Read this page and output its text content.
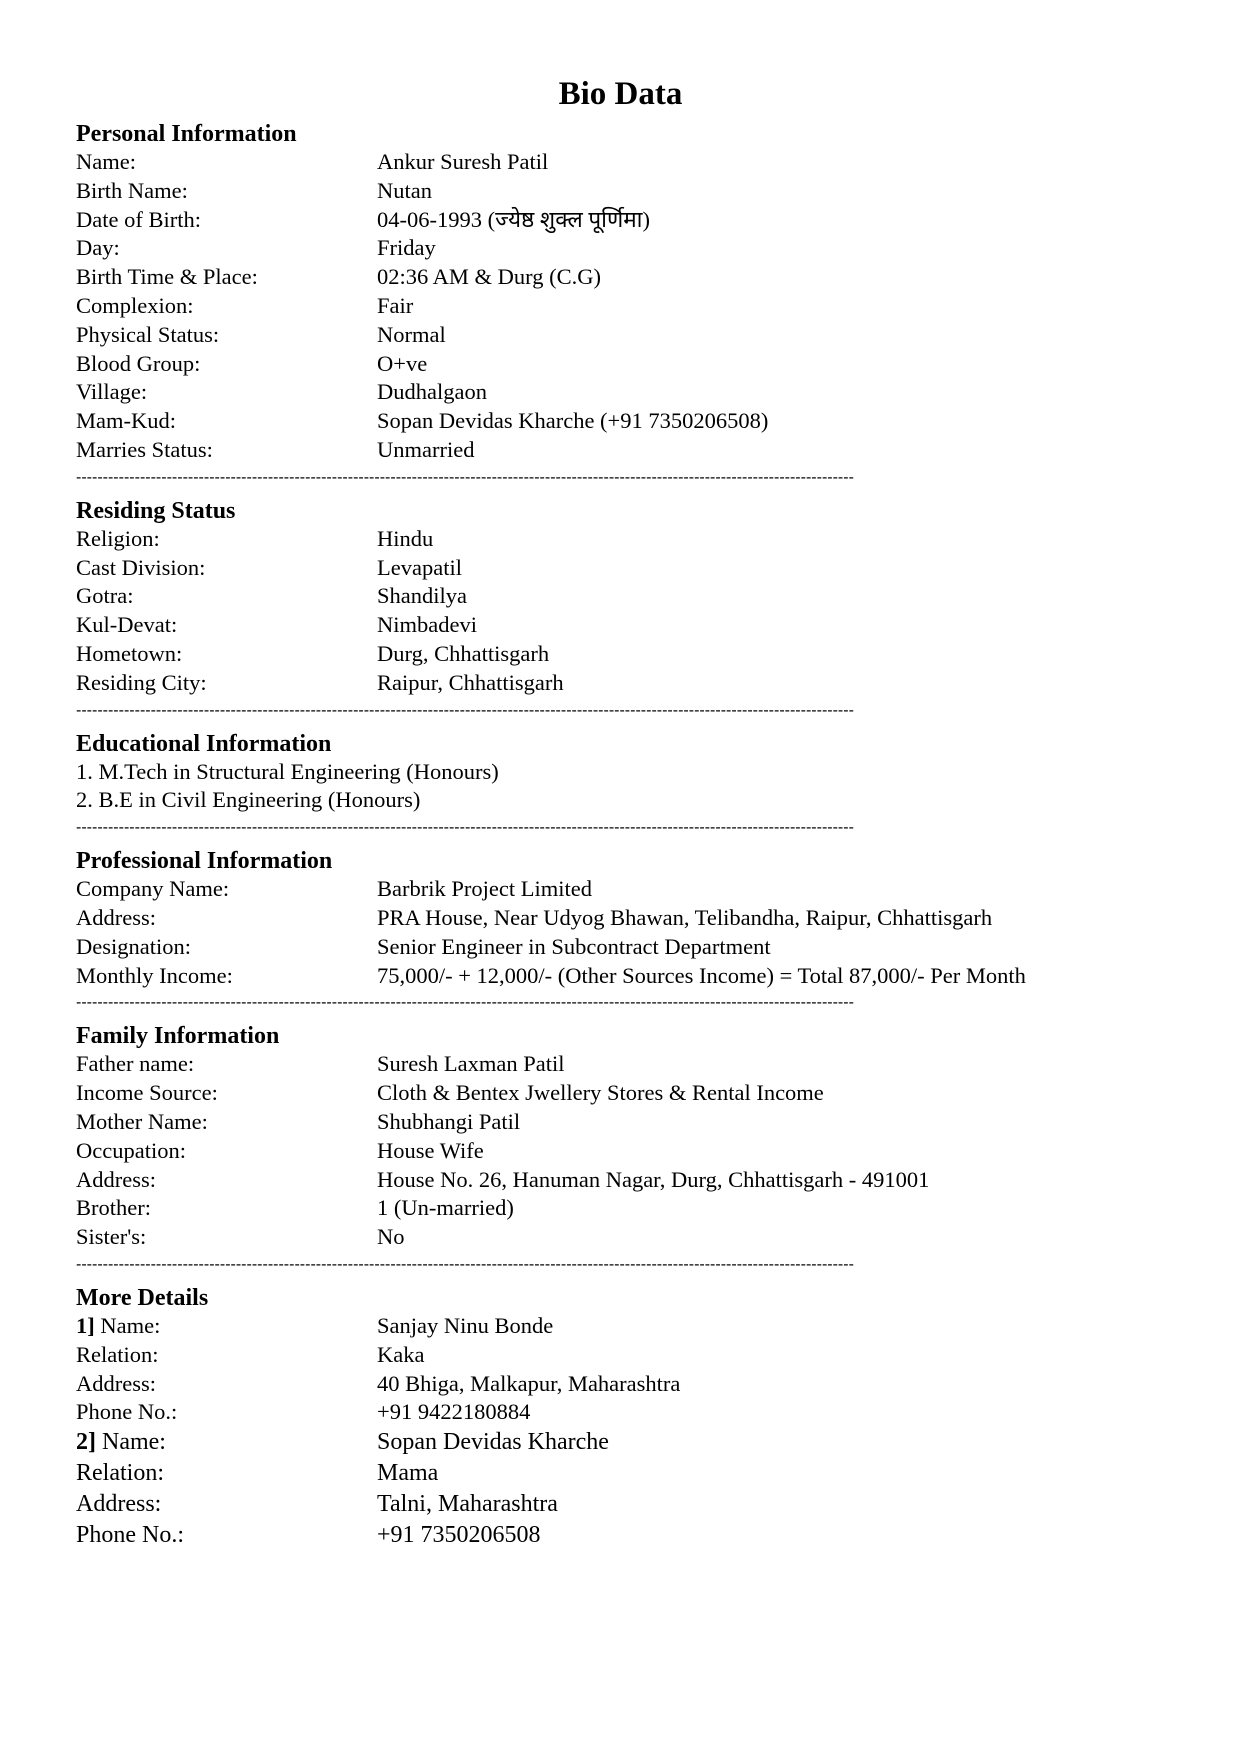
Bio Data
Personal Information
Name:	Ankur Suresh Patil
Birth Name:	Nutan
Date of Birth:	04-06-1993 (ज्येष्ठ शुक्ल पूर्णिमा)
Day:	Friday
Birth Time & Place:	02:36 AM & Durg (C.G)
Complexion:	Fair
Physical Status:	Normal
Blood Group:	O+ve
Village:	Dudhalgaon
Mam-Kud:	Sopan Devidas Kharche (+91 7350206508)
Marries Status:	Unmarried
--------------------------------------------------------------------------------------------------------------------------------------------------
Residing Status
Religion:	Hindu
Cast Division:	Levapatil
Gotra:	Shandilya
Kul-Devat:	Nimbadevi
Hometown:	Durg, Chhattisgarh
Residing City:	Raipur, Chhattisgarh
--------------------------------------------------------------------------------------------------------------------------------------------------
Educational Information
1. M.Tech in Structural Engineering (Honours)
2. B.E in Civil Engineering (Honours)
--------------------------------------------------------------------------------------------------------------------------------------------------
Professional Information
Company Name:	Barbrik Project Limited
Address:	PRA House, Near Udyog Bhawan, Telibandha, Raipur, Chhattisgarh
Designation:	Senior Engineer in Subcontract Department
Monthly Income:	75,000/- + 12,000/- (Other Sources Income) = Total 87,000/- Per Month
--------------------------------------------------------------------------------------------------------------------------------------------------
Family Information
Father name:	Suresh Laxman Patil
Income Source:	Cloth & Bentex Jwellery Stores & Rental Income
Mother Name:	Shubhangi Patil
Occupation:	House Wife
Address:	House No. 26, Hanuman Nagar, Durg, Chhattisgarh - 491001
Brother:	1 (Un-married)
Sister's:	No
--------------------------------------------------------------------------------------------------------------------------------------------------
More Details
1] Name:	Sanjay Ninu Bonde
Relation:	Kaka
Address:	40 Bhiga, Malkapur, Maharashtra
Phone No.:	+91 9422180884
2] Name:	Sopan Devidas Kharche
Relation:	Mama
Address:	Talni, Maharashtra
Phone No.:	+91 7350206508
